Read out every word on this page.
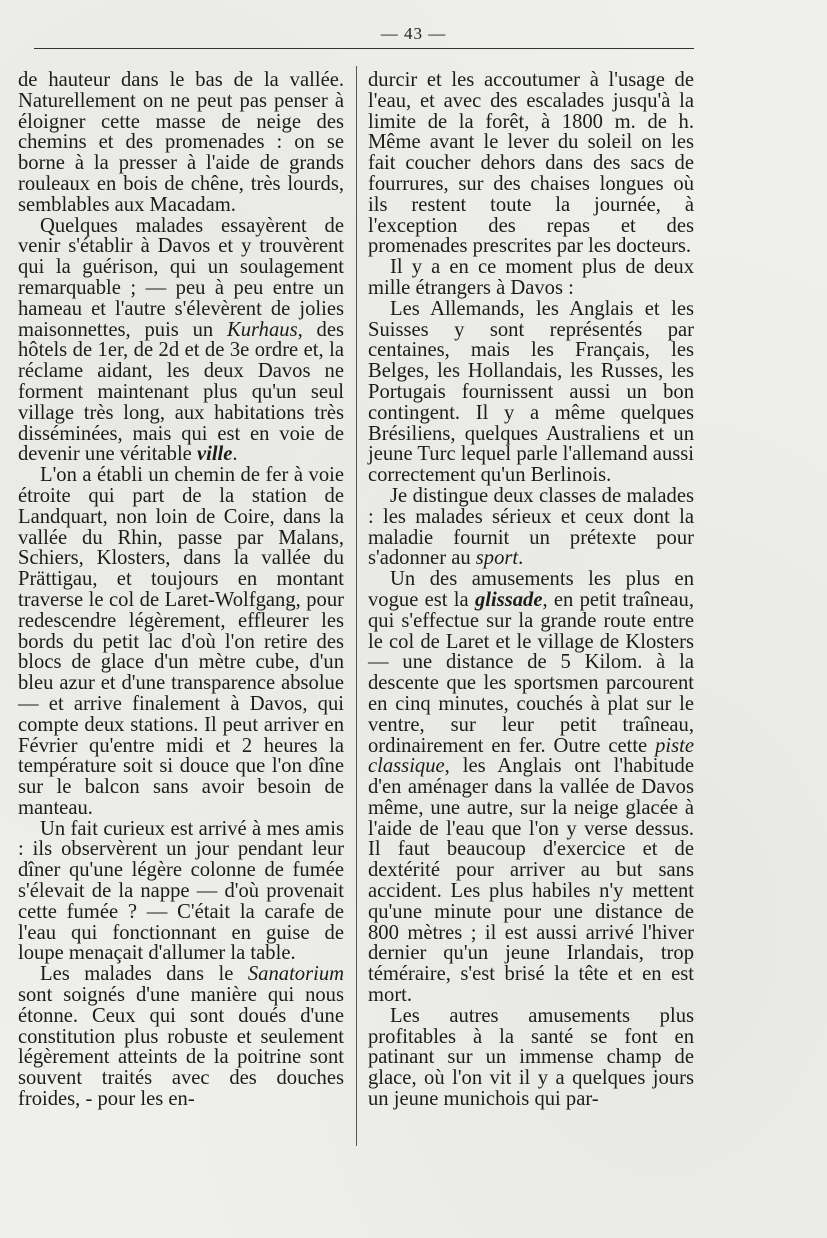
— 43 —

de hauteur dans le bas de la vallée. Naturellement on ne peut pas penser à éloigner cette masse de neige des chemins et des promenades : on se borne à la presser à l'aide de grands rouleaux en bois de chêne, très lourds, semblables aux Macadam.

Quelques malades essayèrent de venir s'établir à Davos et y trouvèrent qui la guérison, qui un soulagement remarquable ; — peu à peu entre un hameau et l'autre s'élevèrent de jolies maisonnettes, puis un Kurhaus, des hôtels de 1er, de 2d et de 3e ordre et, la réclame aidant, les deux Davos ne forment maintenant plus qu'un seul village très long, aux habitations très disséminées, mais qui est en voie de devenir une véritable ville.

L'on a établi un chemin de fer à voie étroite qui part de la station de Landquart, non loin de Coire, dans la vallée du Rhin, passe par Malans, Schiers, Klosters, dans la vallée du Prättigau, et toujours en montant traverse le col de Laret-Wolfgang, pour redescendre légèrement, effleurer les bords du petit lac d'où l'on retire des blocs de glace d'un mètre cube, d'un bleu azur et d'une transparence absolue — et arrive finalement à Davos, qui compte deux stations. Il peut arriver en Février qu'entre midi et 2 heures la température soit si douce que l'on dîne sur le balcon sans avoir besoin de manteau.

Un fait curieux est arrivé à mes amis : ils observèrent un jour pendant leur dîner qu'une légère colonne de fumée s'élevait de la nappe — d'où provenait cette fumée ? — C'était la carafe de l'eau qui fonctionnant en guise de loupe menaçait d'allumer la table.

Les malades dans le Sanatorium sont soignés d'une manière qui nous étonne. Ceux qui sont doués d'une constitution plus robuste et seulement légèrement atteints de la poitrine sont souvent traités avec des douches froides, - pour les en-

durcir et les accoutumer à l'usage de l'eau, et avec des escalades jusqu'à la limite de la forêt, à 1800 m. de h. Même avant le lever du soleil on les fait coucher dehors dans des sacs de fourrures, sur des chaises longues où ils restent toute la journée, à l'exception des repas et des promenades prescrites par les docteurs.

Il y a en ce moment plus de deux mille étrangers à Davos :

Les Allemands, les Anglais et les Suisses y sont représentés par centaines, mais les Français, les Belges, les Hollandais, les Russes, les Portugais fournissent aussi un bon contingent. Il y a même quelques Brésiliens, quelques Australiens et un jeune Turc lequel parle l'allemand aussi correctement qu'un Berlinois.

Je distingue deux classes de malades : les malades sérieux et ceux dont la maladie fournit un prétexte pour s'adonner au sport.

Un des amusements les plus en vogue est la glissade, en petit traîneau, qui s'effectue sur la grande route entre le col de Laret et le village de Klosters — une distance de 5 Kilom. à la descente que les sportsmen parcourent en cinq minutes, couchés à plat sur le ventre, sur leur petit traîneau, ordinairement en fer. Outre cette piste classique, les Anglais ont l'habitude d'en aménager dans la vallée de Davos même, une autre, sur la neige glacée à l'aide de l'eau que l'on y verse dessus. Il faut beaucoup d'exercice et de dextérité pour arriver au but sans accident. Les plus habiles n'y mettent qu'une minute pour une distance de 800 mètres ; il est aussi arrivé l'hiver dernier qu'un jeune Irlandais, trop téméraire, s'est brisé la tête et en est mort.

Les autres amusements plus profitables à la santé se font en patinant sur un immense champ de glace, où l'on vit il y a quelques jours un jeune munichois qui par-
